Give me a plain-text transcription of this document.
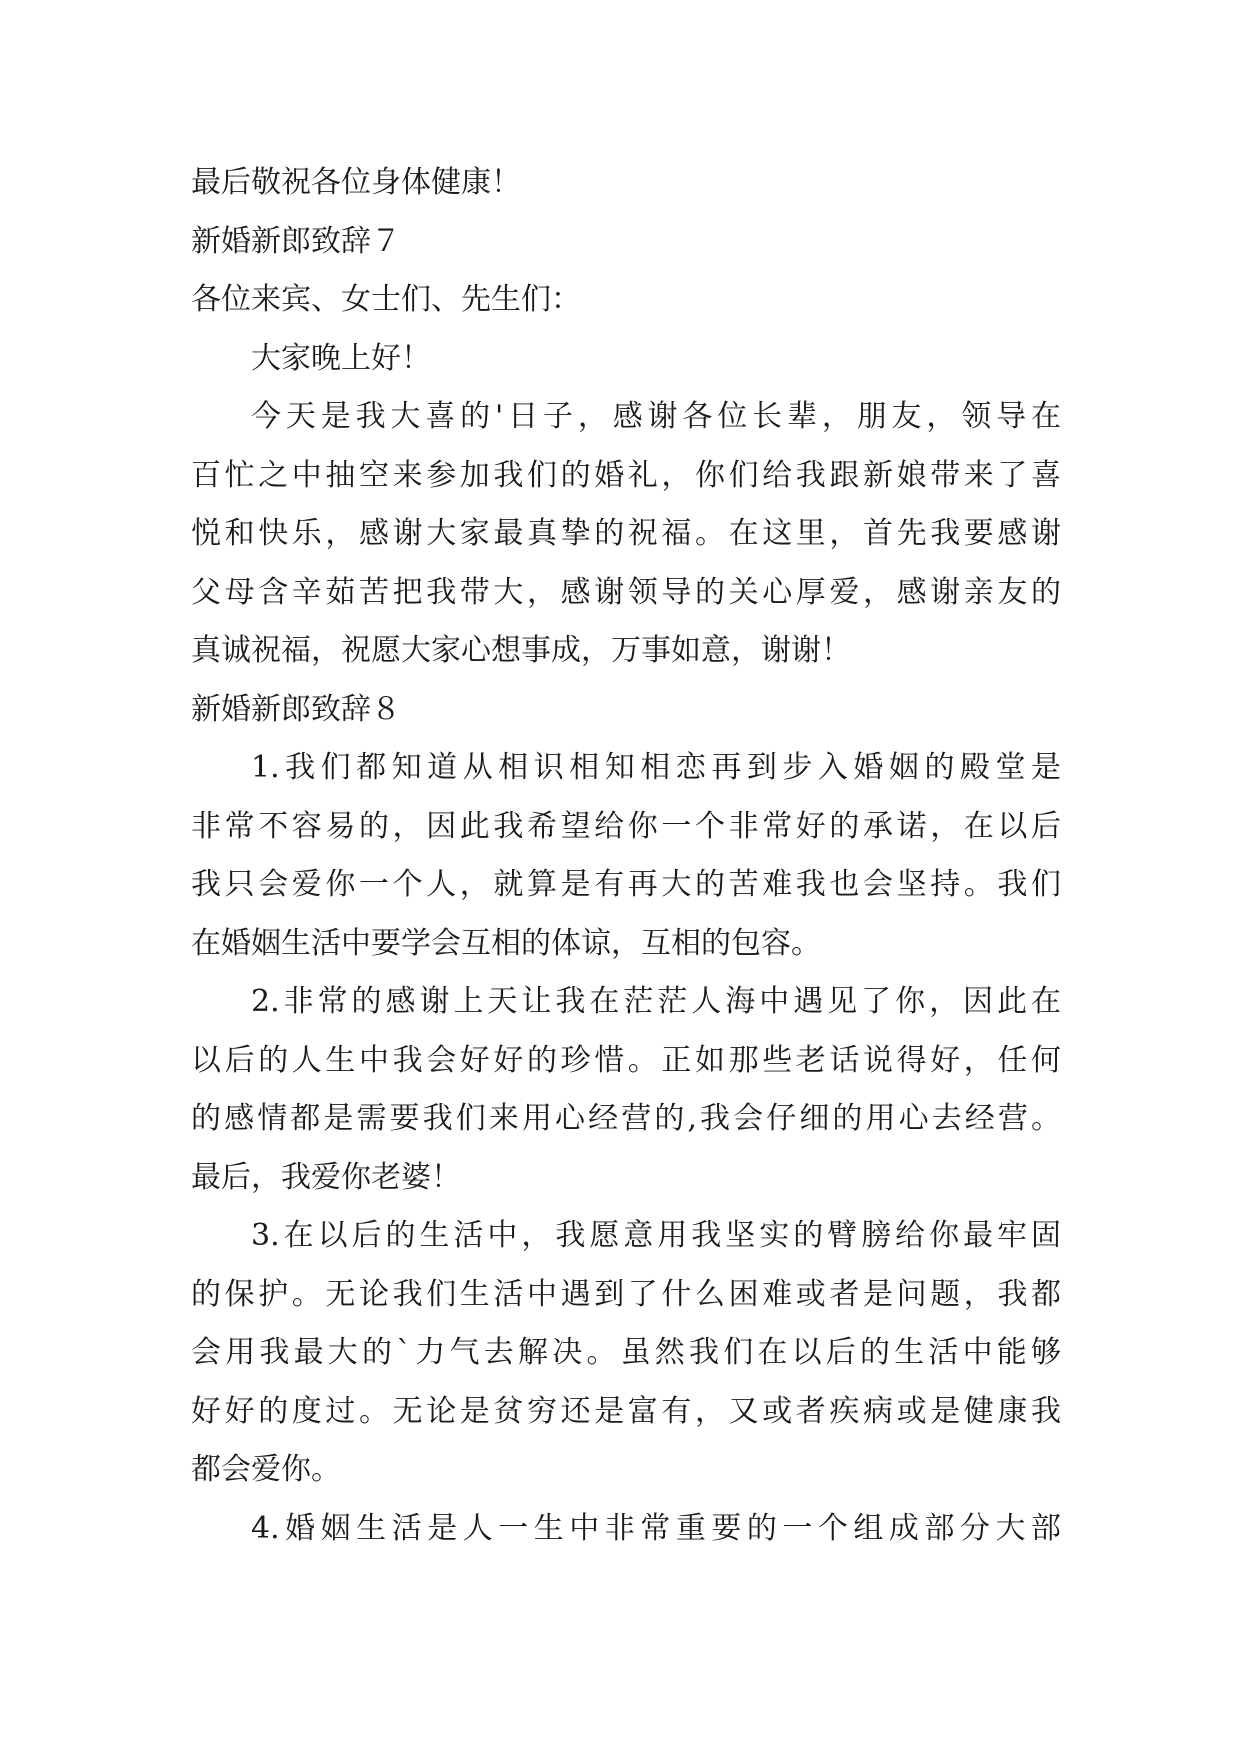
最后敬祝各位身体健康！

新婚新郎致辞７

各位来宾、女士们、先生们：

大家晚上好！

今天是我大喜的'日子，感谢各位长辈，朋友，领导在

百忙之中抽空来参加我们的婚礼，你们给我跟新娘带来了喜

悦和快乐，感谢大家最真挚的祝福。在这里，首先我要感谢

父母含辛茹苦把我带大，感谢领导的关心厚爱，感谢亲友的

真诚祝福，祝愿大家心想事成，万事如意，谢谢！

新婚新郎致辞８

1.我们都知道从相识相知相恋再到步入婚姻的殿堂是

非常不容易的，因此我希望给你一个非常好的承诺，在以后

我只会爱你一个人，就算是有再大的苦难我也会坚持。我们

在婚姻生活中要学会互相的体谅，互相的包容。

2.非常的感谢上天让我在茫茫人海中遇见了你，因此在

以后的人生中我会好好的珍惜。正如那些老话说得好，任何

的感情都是需要我们来用心经营的,我会仔细的用心去经营。

最后，我爱你老婆！

3.在以后的生活中，我愿意用我坚实的臂膀给你最牢固

的保护。无论我们生活中遇到了什么困难或者是问题，我都

会用我最大的`力气去解决。虽然我们在以后的生活中能够

好好的度过。无论是贫穷还是富有，又或者疾病或是健康我

都会爱你。

4.婚姻生活是人一生中非常重要的一个组成部分大部
